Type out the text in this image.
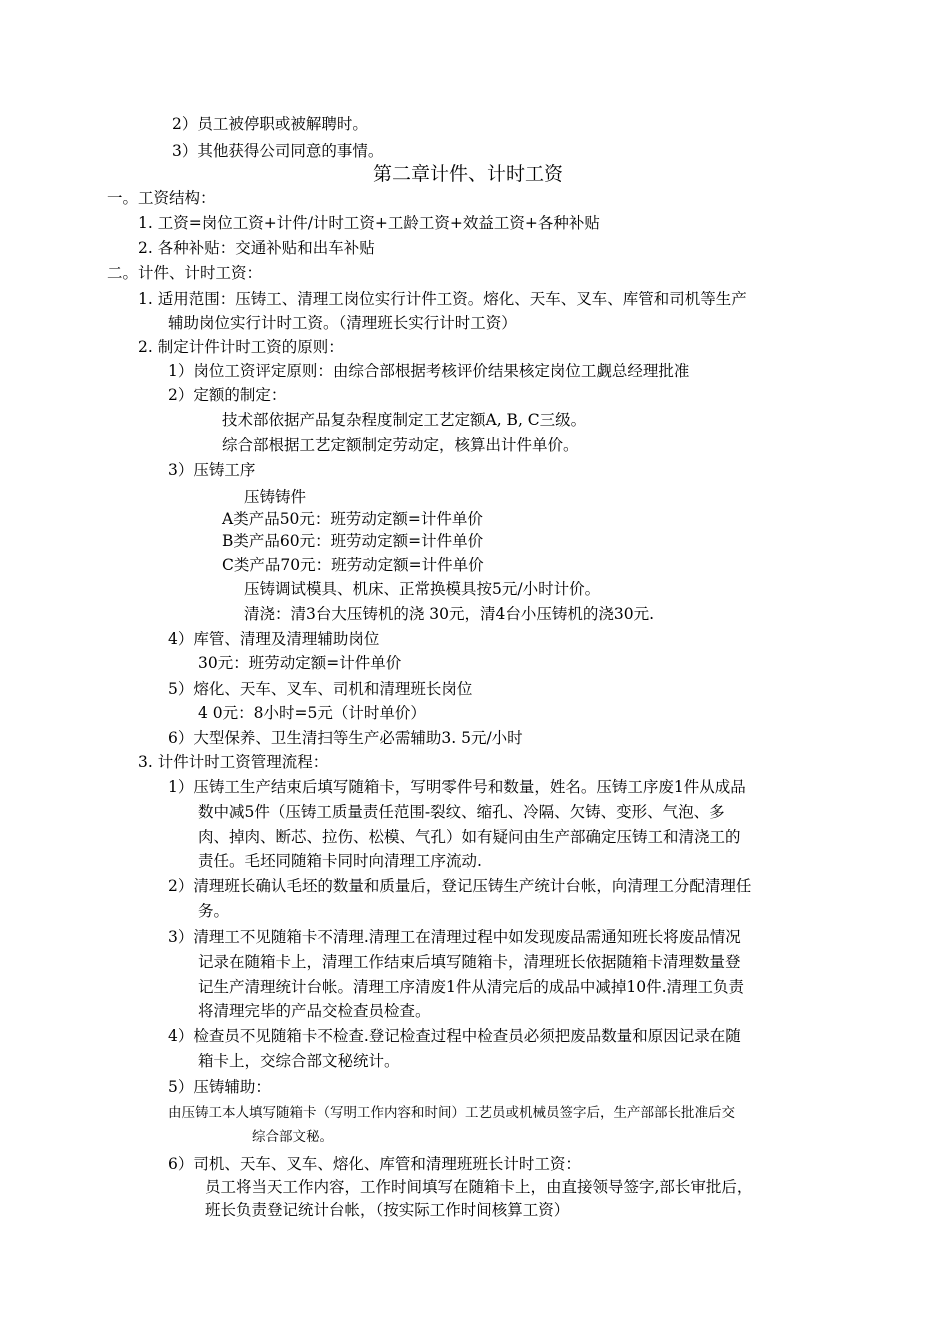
2）员工被停职或被解聘时。

3）其他获得公司同意的事情。

第二章计件、计时工资

一。工资结构：

1. 工资=岗位工资+计件/计时工资+工龄工资+效益工资+各种补贴

2. 各种补贴：交通补贴和出车补贴

二。计件、计时工资：

1. 适用范围：压铸工、清理工岗位实行计件工资。熔化、天车、叉车、库管和司机等生产

辅助岗位实行计时工资。（清理班长实行计时工资）

2. 制定计件计时工资的原则：

1）岗位工资评定原则：由综合部根据考核评价结果核定岗位工觑总经理批准

2）定额的制定：

技术部依据产品复杂程度制定工艺定额A, B, C三级。

综合部根据工艺定额制定劳动定，核算出计件单价。

3）压铸工序

压铸铸件

A类产品50元：班劳动定额=计件单价

B类产品60元：班劳动定额=计件单价

C类产品70元：班劳动定额=计件单价

压铸调试模具、机床、正常换模具按5元/小时计价。

清浇：清3台大压铸机的浇 30元，清4台小压铸机的浇30元.

4）库管、清理及清理辅助岗位

30元：班劳动定额=计件单价

5）熔化、天车、叉车、司机和清理班长岗位

4 0元：8小时=5元（计时单价）

6）大型保养、卫生清扫等生产必需辅助3. 5元/小时

3. 计件计时工资管理流程：

1）压铸工生产结束后填写随箱卡，写明零件号和数量，姓名。压铸工序废1件从成品

数中减5件（压铸工质量责任范围-裂纹、缩孔、冷隔、欠铸、变形、气泡、多

肉、掉肉、断芯、拉伤、松模、气孔）如有疑问由生产部确定压铸工和清浇工的

责任。毛坯同随箱卡同时向清理工序流动.

2）清理班长确认毛坯的数量和质量后，登记压铸生产统计台帐，向清理工分配清理任

务。

3）清理工不见随箱卡不清理.清理工在清理过程中如发现废品需通知班长将废品情况

记录在随箱卡上，清理工作结束后填写随箱卡，清理班长依据随箱卡清理数量登

记生产清理统计台帐。清理工序清废1件从清完后的成品中减掉10件.清理工负责

将清理完毕的产品交检查员检查。

4）检查员不见随箱卡不检查.登记检查过程中检查员必须把废品数量和原因记录在随

箱卡上，交综合部文秘统计。

5）压铸辅助：

由压铸工本人填写随箱卡（写明工作内容和时间）工艺员或机械员签字后，生产部部长批准后交

综合部文秘。

6）司机、天车、叉车、熔化、库管和清理班班长计时工资：

员工将当天工作内容，工作时间填写在随箱卡上，由直接领导签字,部长审批后，

班长负责登记统计台帐，（按实际工作时间核算工资）
